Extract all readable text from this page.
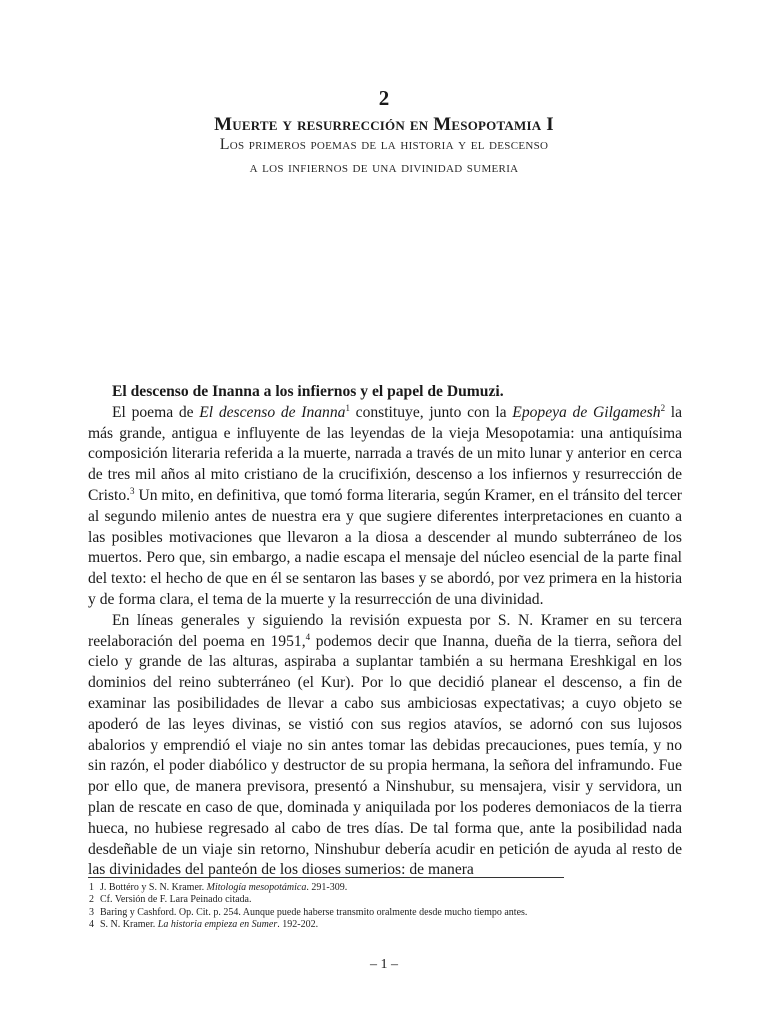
2
Muerte y resurrección en Mesopotamia I
Los primeros poemas de la historia y el descenso
a los infiernos de una divinidad sumeria

El descenso de Inanna a los infiernos y el papel de Dumuzi.

El poema de El descenso de Inanna$^1$ constituye, junto con la Epopeya de Gilgamesh$^2$ la más grande, antigua e influyente de las leyendas de la vieja Mesopotamia: una antiquísima composición literaria referida a la muerte, narrada a través de un mito lunar y anterior en cerca de tres mil años al mito cristiano de la crucifixión, descenso a los infiernos y resurrección de Cristo.$^3$ Un mito, en definitiva, que tomó forma literaria, según Kramer, en el tránsito del tercer al segundo milenio antes de nuestra era y que sugiere diferentes interpretaciones en cuanto a las posibles motivaciones que llevaron a la diosa a descender al mundo subterráneo de los muertos. Pero que, sin embargo, a nadie escapa el mensaje del núcleo esencial de la parte final del texto: el hecho de que en él se sentaron las bases y se abordó, por vez primera en la historia y de forma clara, el tema de la muerte y la resurrección de una divinidad.

En líneas generales y siguiendo la revisión expuesta por S. N. Kramer en su tercera reelaboración del poema en 1951,$^4$ podemos decir que Inanna, dueña de la tierra, señora del cielo y grande de las alturas, aspiraba a suplantar también a su hermana Ereshkigal en los dominios del reino subterráneo (el Kur). Por lo que decidió planear el descenso, a fin de examinar las posibilidades de llevar a cabo sus ambiciosas expectativas; a cuyo objeto se apoderó de las leyes divinas, se vistió con sus regios atavíos, se adornó con sus lujosos abalorios y emprendió el viaje no sin antes tomar las debidas precauciones, pues temía, y no sin razón, el poder diabólico y destructor de su propia hermana, la señora del inframundo. Fue por ello que, de manera previsora, presentó a Ninshubur, su mensajera, visir y servidora, un plan de rescate en caso de que, dominada y aniquilada por los poderes demoniacos de la tierra hueca, no hubiese regresado al cabo de tres días. De tal forma que, ante la posibilidad nada desdeñable de un viaje sin retorno, Ninshubur debería acudir en petición de ayuda al resto de las divinidades del panteón de los dioses sumerios: de manera

1 J. Bottéro y S. N. Kramer. Mitología mesopotámica. 291-309.
2 Cf. Versión de F. Lara Peinado citada.
3 Baring y Cashford. Op. Cit. p. 254. Aunque puede haberse transmito oralmente desde mucho tiempo antes.
4 S. N. Kramer. La historia empieza en Sumer. 192-202.
– 1 –
